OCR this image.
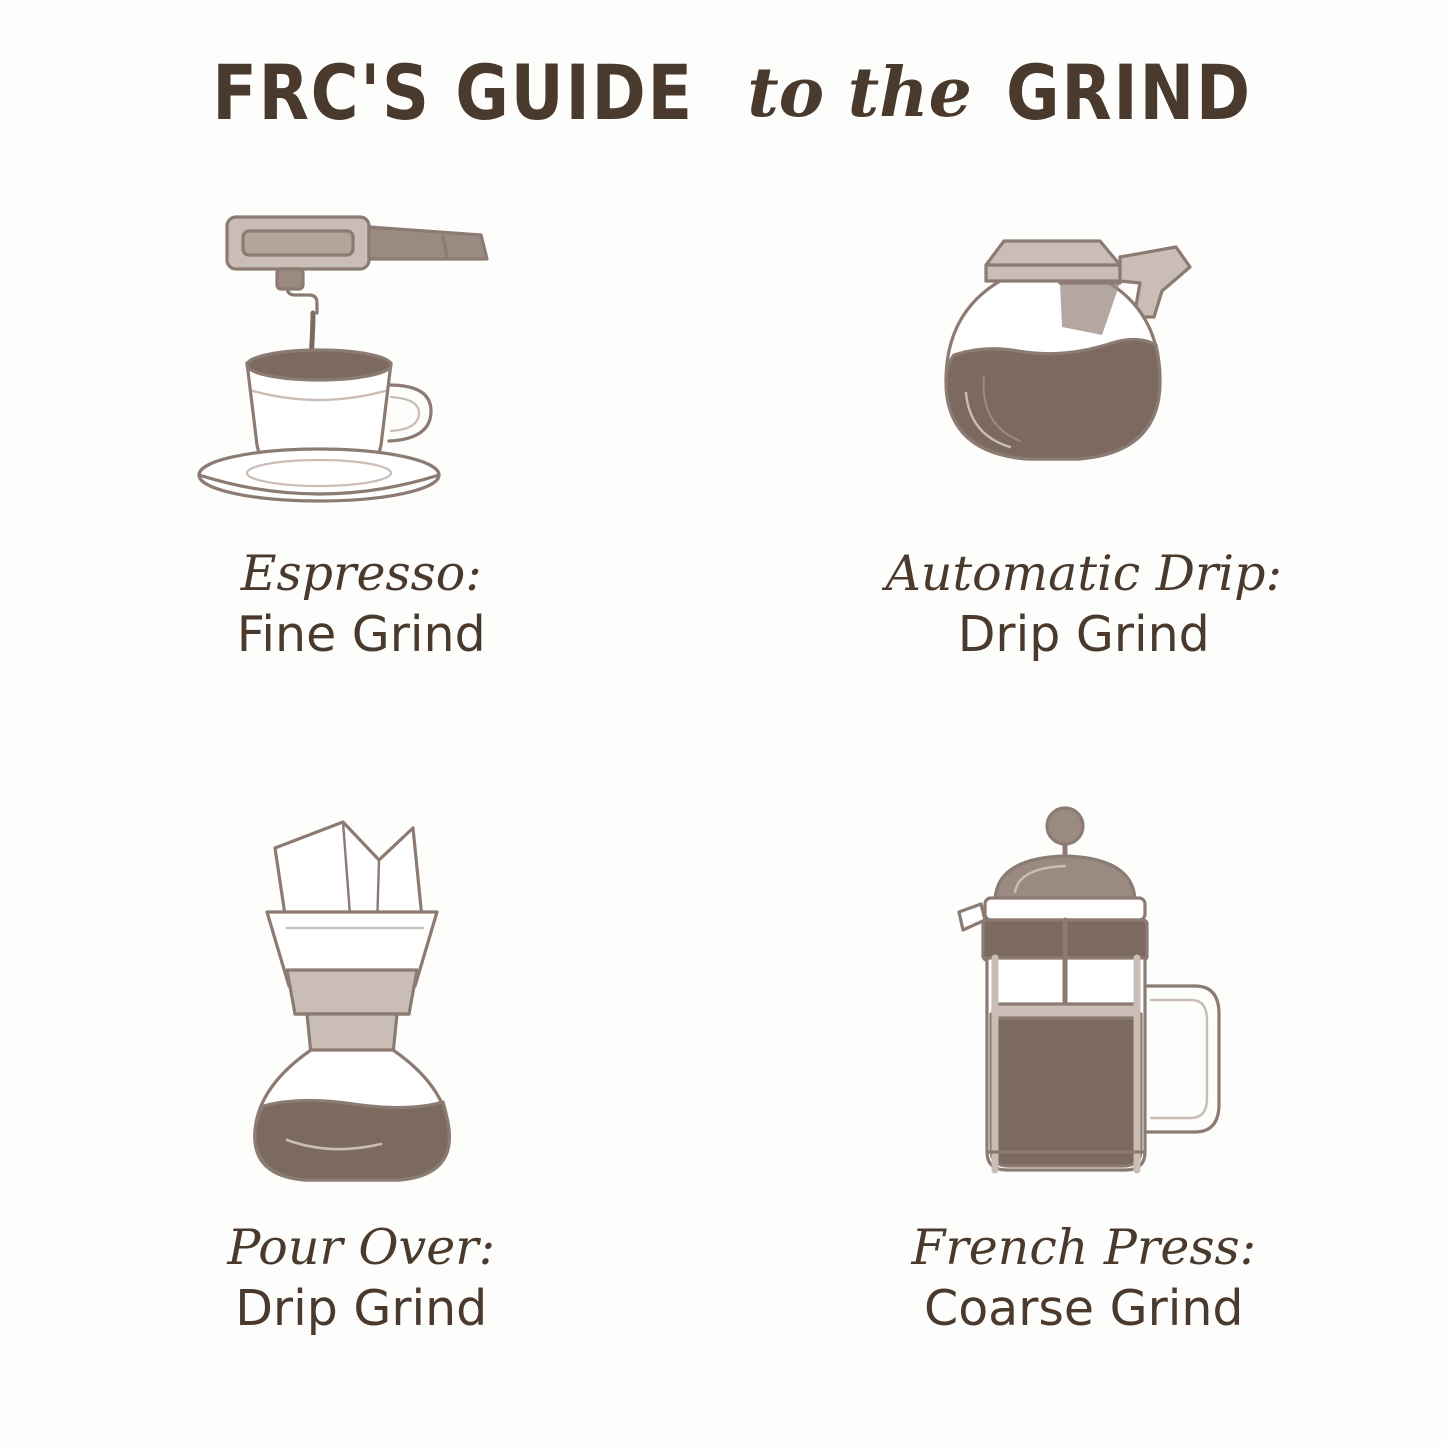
FRC'S GUIDE to the GRIND
Espresso:
Fine Grind
Automatic Drip:
Drip Grind
Pour Over:
Drip Grind
French Press:
Coarse Grind
